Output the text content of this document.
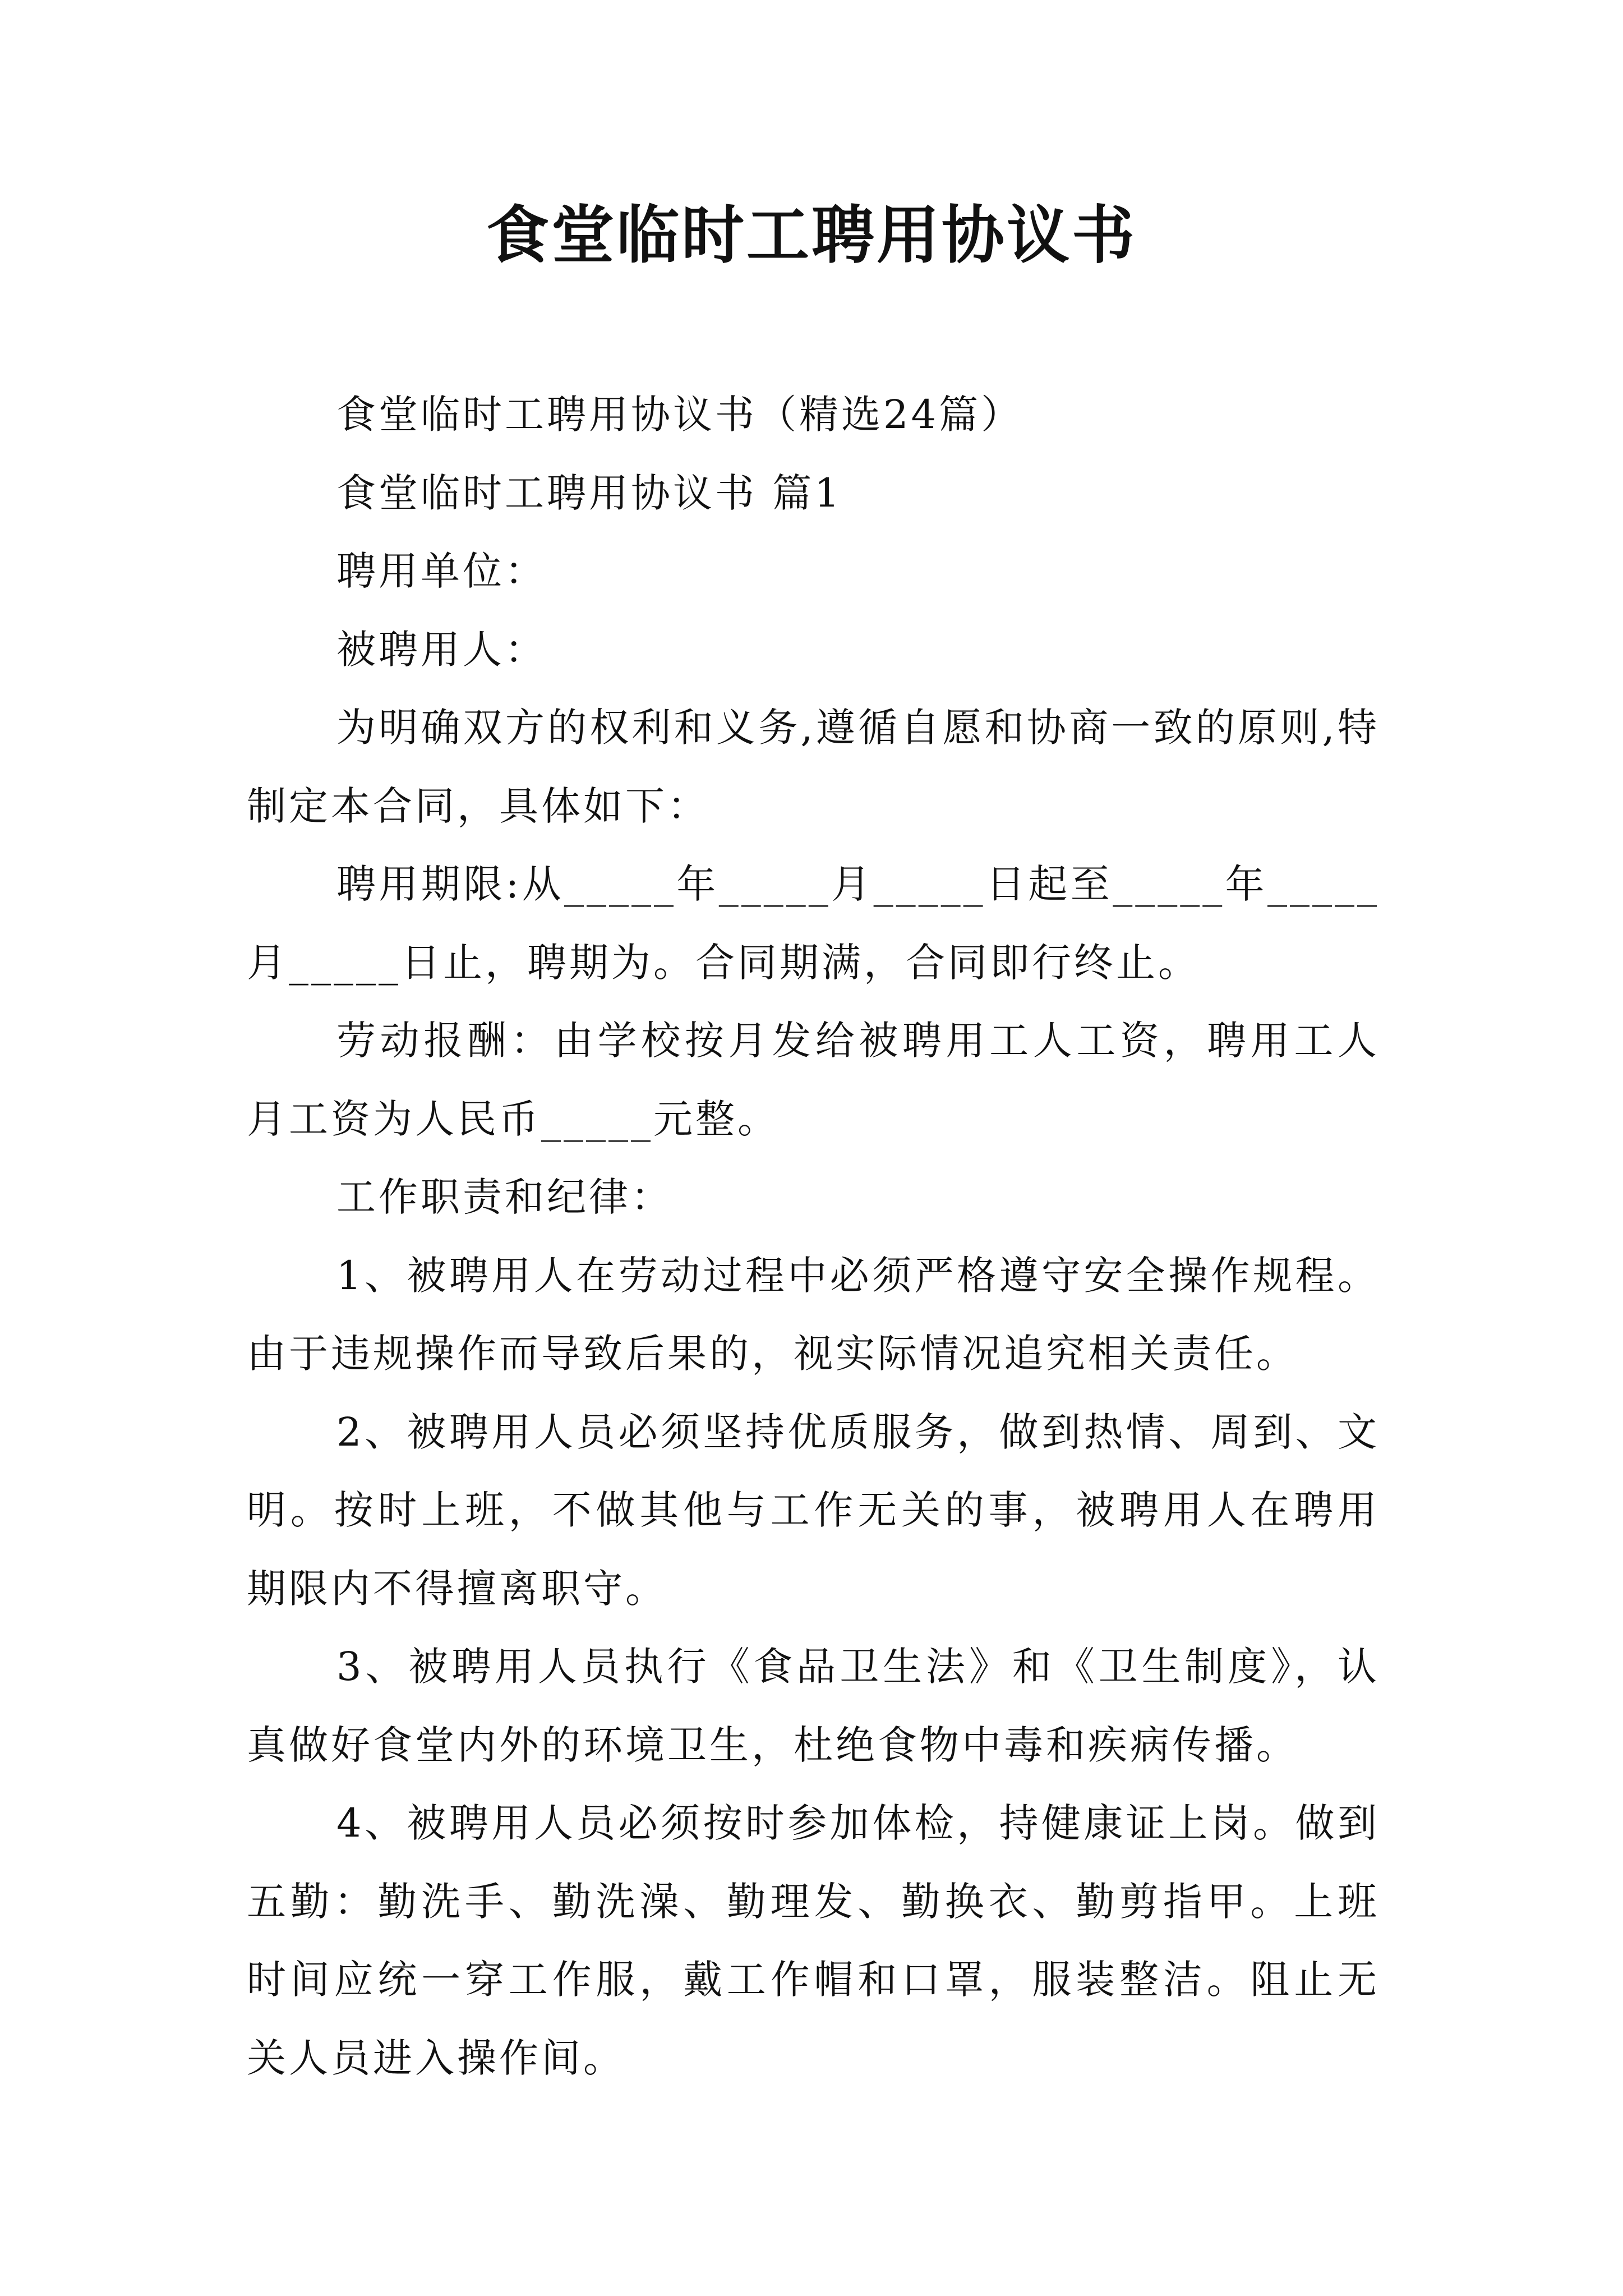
食堂临时工聘用协议书

食堂临时工聘用协议书（精选24篇）

食堂临时工聘用协议书 篇1

聘用单位：

被聘用人：

为明确双方的权利和义务,遵循自愿和协商一致的原则,特制定本合同，具体如下：

聘用期限:从_____年_____月_____日起至_____年_____月_____日止，聘期为。合同期满，合同即行终止。

劳动报酬：由学校按月发给被聘用工人工资，聘用工人月工资为人民币_____元整。

工作职责和纪律：

1、被聘用人在劳动过程中必须严格遵守安全操作规程。由于违规操作而导致后果的，视实际情况追究相关责任。

2、被聘用人员必须坚持优质服务，做到热情、周到、文明。按时上班，不做其他与工作无关的事，被聘用人在聘用期限内不得擅离职守。

3、被聘用人员执行《食品卫生法》和《卫生制度》，认真做好食堂内外的环境卫生，杜绝食物中毒和疾病传播。

4、被聘用人员必须按时参加体检，持健康证上岗。做到五勤：勤洗手、勤洗澡、勤理发、勤换衣、勤剪指甲。上班时间应统一穿工作服，戴工作帽和口罩，服装整洁。阻止无关人员进入操作间。
